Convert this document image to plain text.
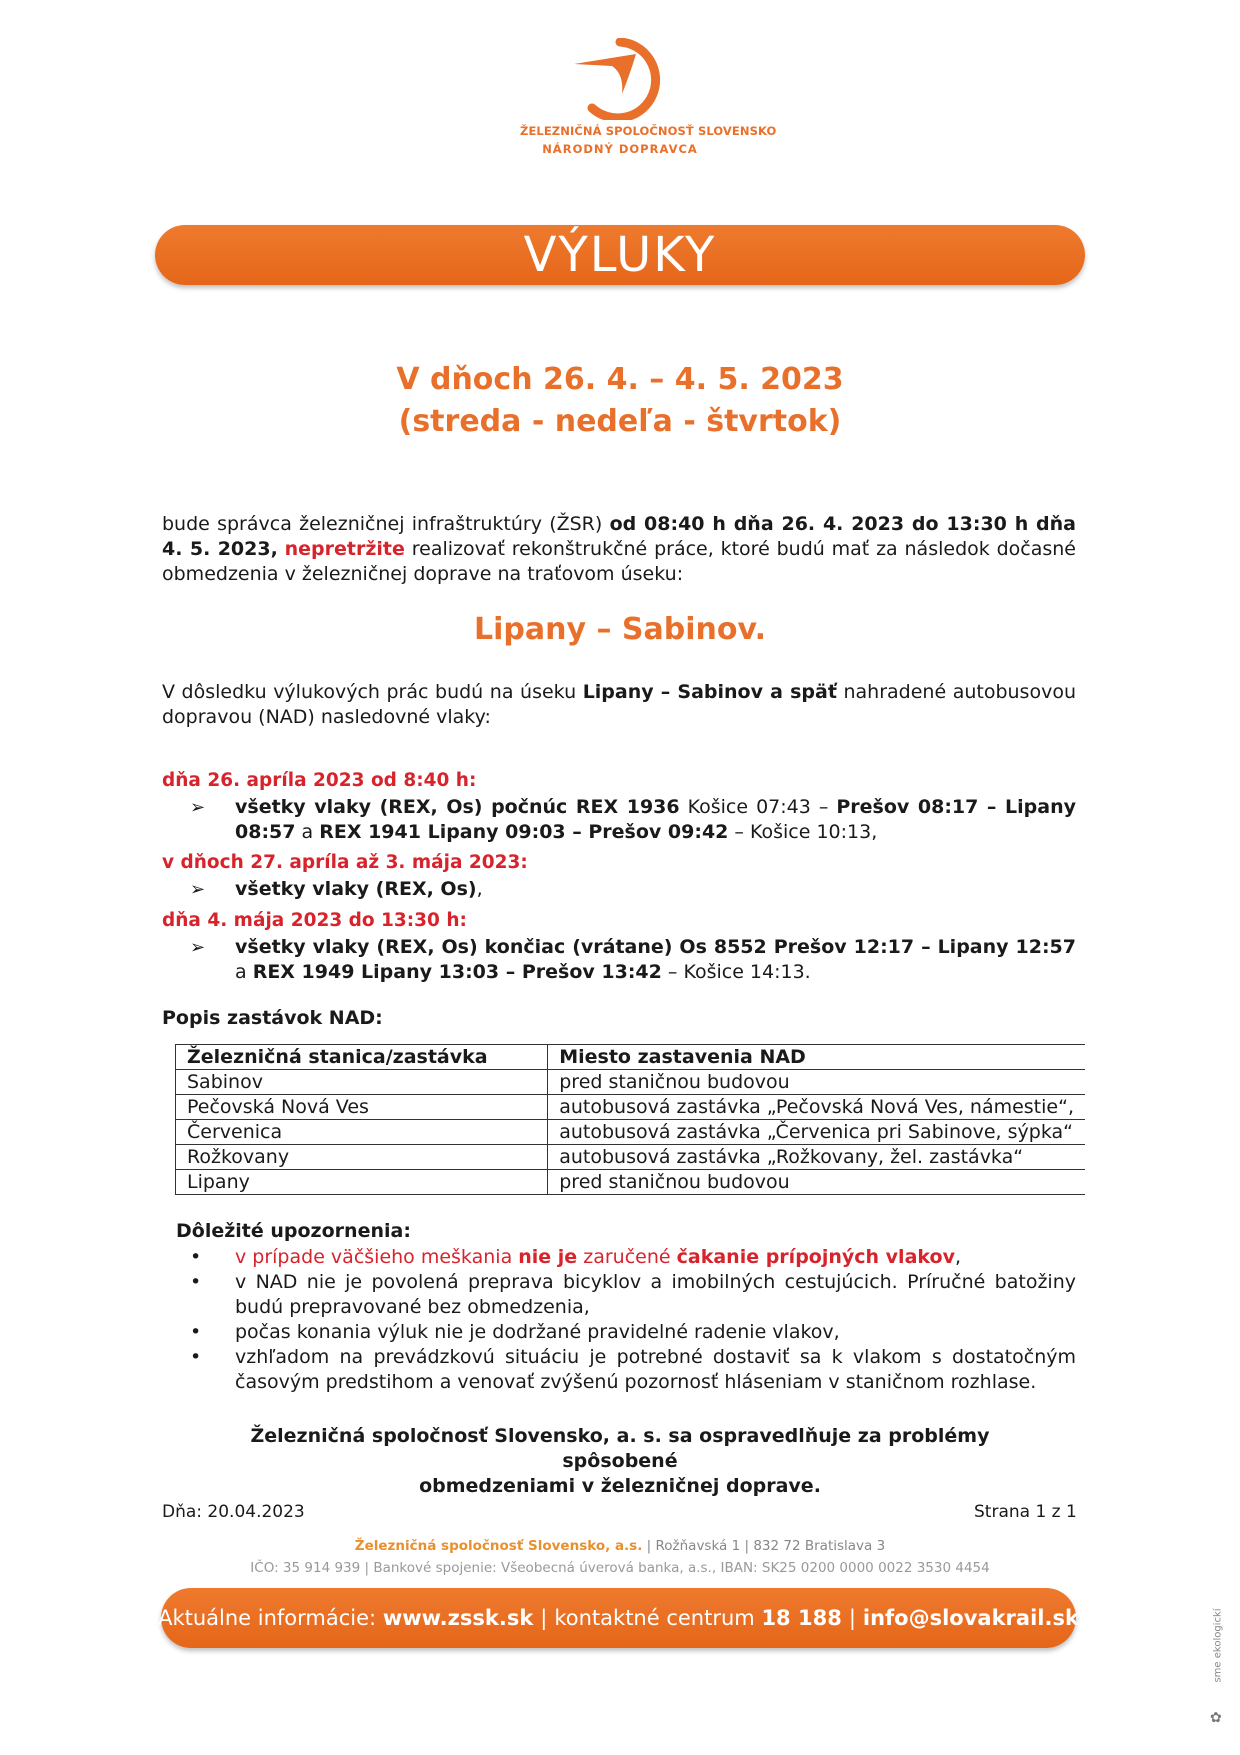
ŽELEZNIČNÁ SPOLOČNOSŤ SLOVENSKO
NÁRODNÝ DOPRAVCA
VÝLUKY
V dňoch 26. 4. – 4. 5. 2023
(streda - nedeľa - štvrtok)
bude správca železničnej infraštruktúry (ŽSR) od 08:40 h dňa 26. 4. 2023 do 13:30 h dňa 4. 5. 2023, nepretržite realizovať rekonštrukčné práce, ktoré budú mať za následok dočasné obmedzenia v železničnej doprave na traťovom úseku:
Lipany – Sabinov.
V dôsledku výlukových prác budú na úseku Lipany – Sabinov a späť nahradené autobusovou dopravou (NAD) nasledovné vlaky:
dňa 26. apríla 2023 od 8:40 h:
➢ všetky vlaky (REX, Os) počnúc REX 1936 Košice 07:43 – Prešov 08:17 – Lipany 08:57 a REX 1941 Lipany 09:03 – Prešov 09:42 – Košice 10:13,
v dňoch 27. apríla až 3. mája 2023:
➢ všetky vlaky (REX, Os),
dňa 4. mája 2023 do 13:30 h:
➢ všetky vlaky (REX, Os) končiac (vrátane) Os 8552 Prešov 12:17 – Lipany 12:57 a REX 1949 Lipany 13:03 – Prešov 13:42 – Košice 14:13.
Popis zastávok NAD:
Železničná stanica/zastávka	Miesto zastavenia NAD
Sabinov	pred staničnou budovou
Pečovská Nová Ves	autobusová zastávka „Pečovská Nová Ves, námestie“,
Červenica	autobusová zastávka „Červenica pri Sabinove, sýpka“
Rožkovany	autobusová zastávka „Rožkovany, žel. zastávka“
Lipany	pred staničnou budovou
Dôležité upozornenia:
• v prípade väčšieho meškania nie je zaručené čakanie prípojných vlakov,
• v NAD nie je povolená preprava bicyklov a imobilných cestujúcich. Príručné batožiny budú prepravované bez obmedzenia,
• počas konania výluk nie je dodržané pravidelné radenie vlakov,
• vzhľadom na prevádzkovú situáciu je potrebné dostaviť sa k vlakom s dostatočným časovým predstihom a venovať zvýšenú pozornosť hláseniam v staničnom rozhlase.
Železničná spoločnosť Slovensko, a. s. sa ospravedlňuje za problémy spôsobené
obmedzeniami v železničnej doprave.
Dňa: 20.04.2023	Strana 1 z 1
Železničná spoločnosť Slovensko, a.s. | Rožňavská 1 | 832 72 Bratislava 3
IČO: 35 914 939 | Bankové spojenie: Všeobecná úverová banka, a.s., IBAN: SK25 0200 0000 0022 3530 4454
Aktuálne informácie:
www.zssk.sk | kontaktné centrum
18 188 | info@slovakrail.sk	sme ekologickí
✿
